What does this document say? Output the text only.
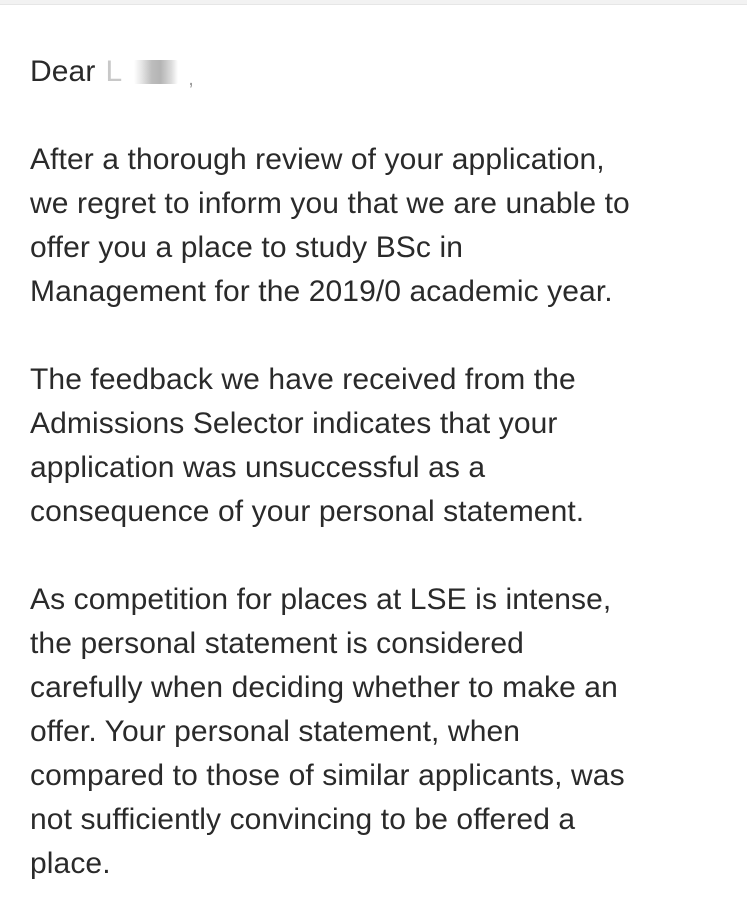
Dear L	,

After a thorough review of your application,
we regret to inform you that we are unable to
offer you a place to study BSc in
Management for the 2019/0 academic year.

The feedback we have received from the
Admissions Selector indicates that your
application was unsuccessful as a
consequence of your personal statement.

As competition for places at LSE is intense,
the personal statement is considered
carefully when deciding whether to make an
offer. Your personal statement, when
compared to those of similar applicants, was
not sufficiently convincing to be offered a
place.
